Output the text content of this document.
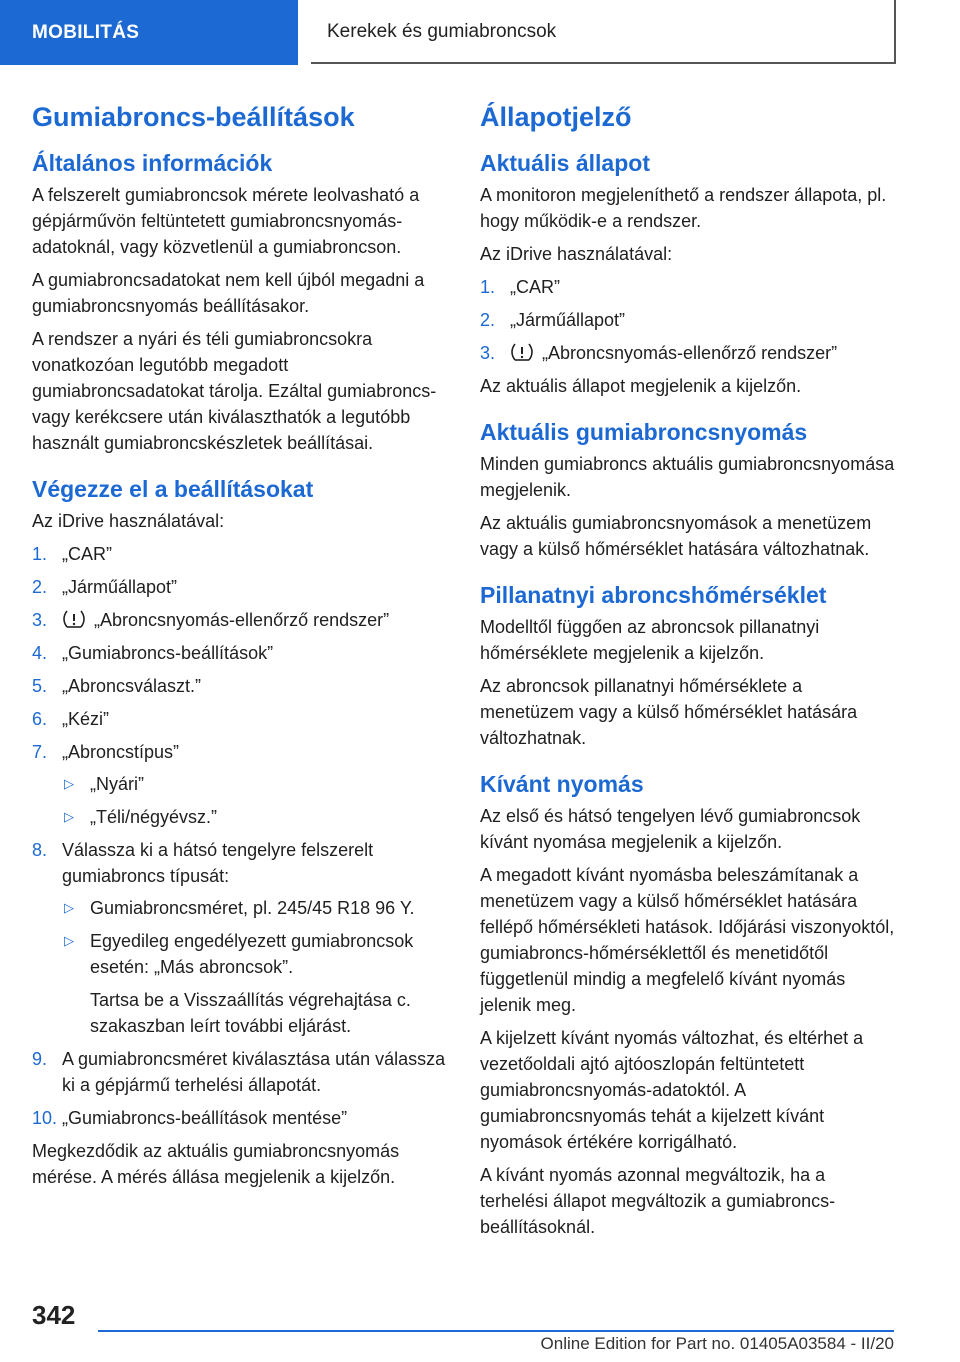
MOBILITÁS	Kerekek és gumiabroncsok
Gumiabroncs-beállítások
Általános információk

A felszerelt gumiabroncsok mérete leolvasható a gépjárművön feltüntetett gumiabroncsnyomás-adatoknál, vagy közvetlenül a gumiabroncson.

A gumiabroncsadatokat nem kell újból megadni a gumiabroncsnyomás beállításakor.

A rendszer a nyári és téli gumiabroncsokra vonatkozóan legutóbb megadott gumiabroncsadatokat tárolja. Ezáltal gumiabroncs- vagy kerékcsere után kiválaszthatók a legutóbb használt gumiabroncskészletek beállításai.

Végezze el a beállításokat

Az iDrive használatával:

1. „CAR”
2. „Járműállapot”
3.	„Abroncsnyomás-ellenőrző rendszer”
4. „Gumiabroncs-beállítások”
5. „Abroncsválaszt.”
6. „Kézi”
7. „Abroncstípus”
▷ „Nyári”
▷ „Téli/négyévsz.”
8. Válassza ki a hátsó tengelyre felszerelt gumiabroncs típusát:
▷ Gumiabroncsméret, pl. 245/45 R18 96 Y.
▷ Egyedileg engedélyezett gumiabroncsok esetén: „Más abroncsok”.
Tartsa be a Visszaállítás végrehajtása c. szakaszban leírt további eljárást.
9. A gumiabroncsméret kiválasztása után válassza ki a gépjármű terhelési állapotát.
10. „Gumiabroncs-beállítások mentése”

Megkezdődik az aktuális gumiabroncsnyomás mérése. A mérés állása megjelenik a kijelzőn.

Állapotjelző
Aktuális állapot

A monitoron megjeleníthető a rendszer állapota, pl. hogy működik-e a rendszer.

Az iDrive használatával:

1. „CAR”
2. „Járműállapot”
3.	„Abroncsnyomás-ellenőrző rendszer”

Az aktuális állapot megjelenik a kijelzőn.

Aktuális gumiabroncsnyomás

Minden gumiabroncs aktuális gumiabroncsnyomása megjelenik.

Az aktuális gumiabroncsnyomások a menetüzem vagy a külső hőmérséklet hatására változhatnak.

Pillanatnyi abroncshőmérséklet

Modelltől függően az abroncsok pillanatnyi hőmérséklete megjelenik a kijelzőn.

Az abroncsok pillanatnyi hőmérséklete a menetüzem vagy a külső hőmérséklet hatására változhatnak.

Kívánt nyomás

Az első és hátsó tengelyen lévő gumiabroncsok kívánt nyomása megjelenik a kijelzőn.

A megadott kívánt nyomásba beleszámítanak a menetüzem vagy a külső hőmérséklet hatására fellépő hőmérsékleti hatások. Időjárási viszonyoktól, gumiabroncs-hőmérséklettől és menetidőtől függetlenül mindig a megfelelő kívánt nyomás jelenik meg.

A kijelzett kívánt nyomás változhat, és eltérhet a vezetőoldali ajtó ajtóoszlopán feltüntetett gumiabroncsnyomás-adatoktól. A gumiabroncsnyomás tehát a kijelzett kívánt nyomások értékére korrigálható.

A kívánt nyomás azonnal megváltozik, ha a terhelési állapot megváltozik a gumiabroncs-beállításoknál.

342
Online Edition for Part no. 01405A03584 - II/20
